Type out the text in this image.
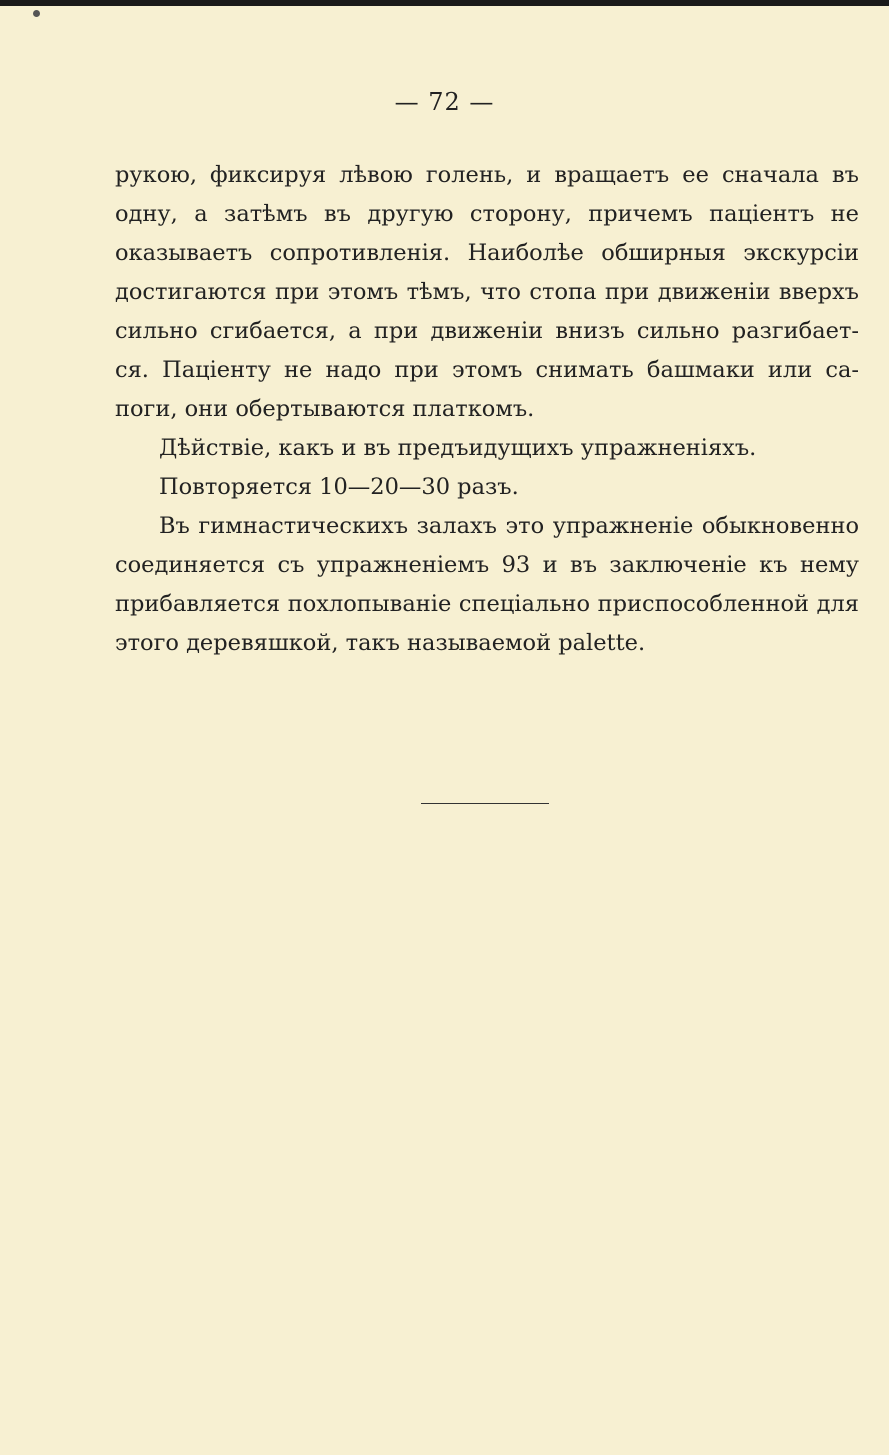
— 72 —

рукою, фиксируя лѣвою голень, и вращаетъ ее сначала въ

одну, а затѣмъ въ другую сторону, причемъ паціентъ не

оказываетъ сопротивленія. Наиболѣе обширныя экскурсіи

достигаются при этомъ тѣмъ, что стопа при движеніи вверхъ

сильно сгибается, а при движеніи внизъ сильно разгибает-

ся. Паціенту не надо при этомъ снимать башмаки или са-

поги, они обертываются платкомъ.

Дѣйствіе, какъ и въ предъидущихъ упражненіяхъ.

Повторяется 10—20—30 разъ.

Въ гимнастическихъ залахъ это упражненіе обыкновенно

соединяется съ упражненіемъ 93 и въ заключеніе къ нему

прибавляется похлопываніе спеціально приспособленной для

этого деревяшкой, такъ называемой palette.
